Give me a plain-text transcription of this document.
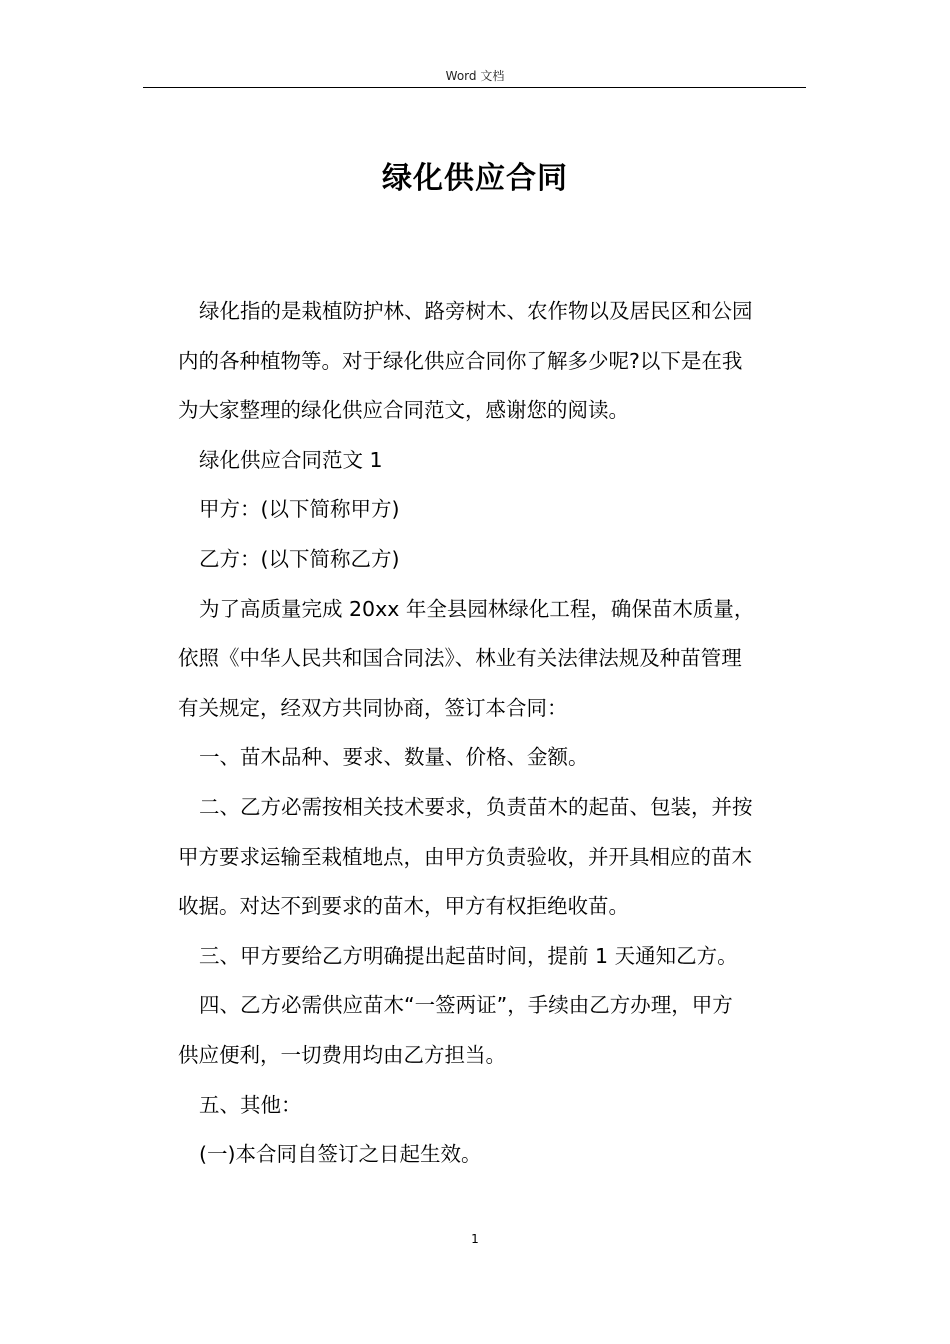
Word 文档
绿化供应合同

绿化指的是栽植防护林、路旁树木、农作物以及居民区和公园

内的各种植物等。对于绿化供应合同你了解多少呢?以下是在我

为大家整理的绿化供应合同范文，感谢您的阅读。

绿化供应合同范文 1

甲方：(以下简称甲方)

乙方：(以下简称乙方)

为了高质量完成 20xx 年全县园林绿化工程，确保苗木质量，

依照《中华人民共和国合同法》、林业有关法律法规及种苗管理

有关规定，经双方共同协商，签订本合同：

一、苗木品种、要求、数量、价格、金额。

二、乙方必需按相关技术要求，负责苗木的起苗、包装，并按

甲方要求运输至栽植地点，由甲方负责验收，并开具相应的苗木

收据。对达不到要求的苗木，甲方有权拒绝收苗。

三、甲方要给乙方明确提出起苗时间，提前 1 天通知乙方。

四、乙方必需供应苗木“一签两证”，手续由乙方办理，甲方

供应便利，一切费用均由乙方担当。

五、其他：

(一)本合同自签订之日起生效。

1
